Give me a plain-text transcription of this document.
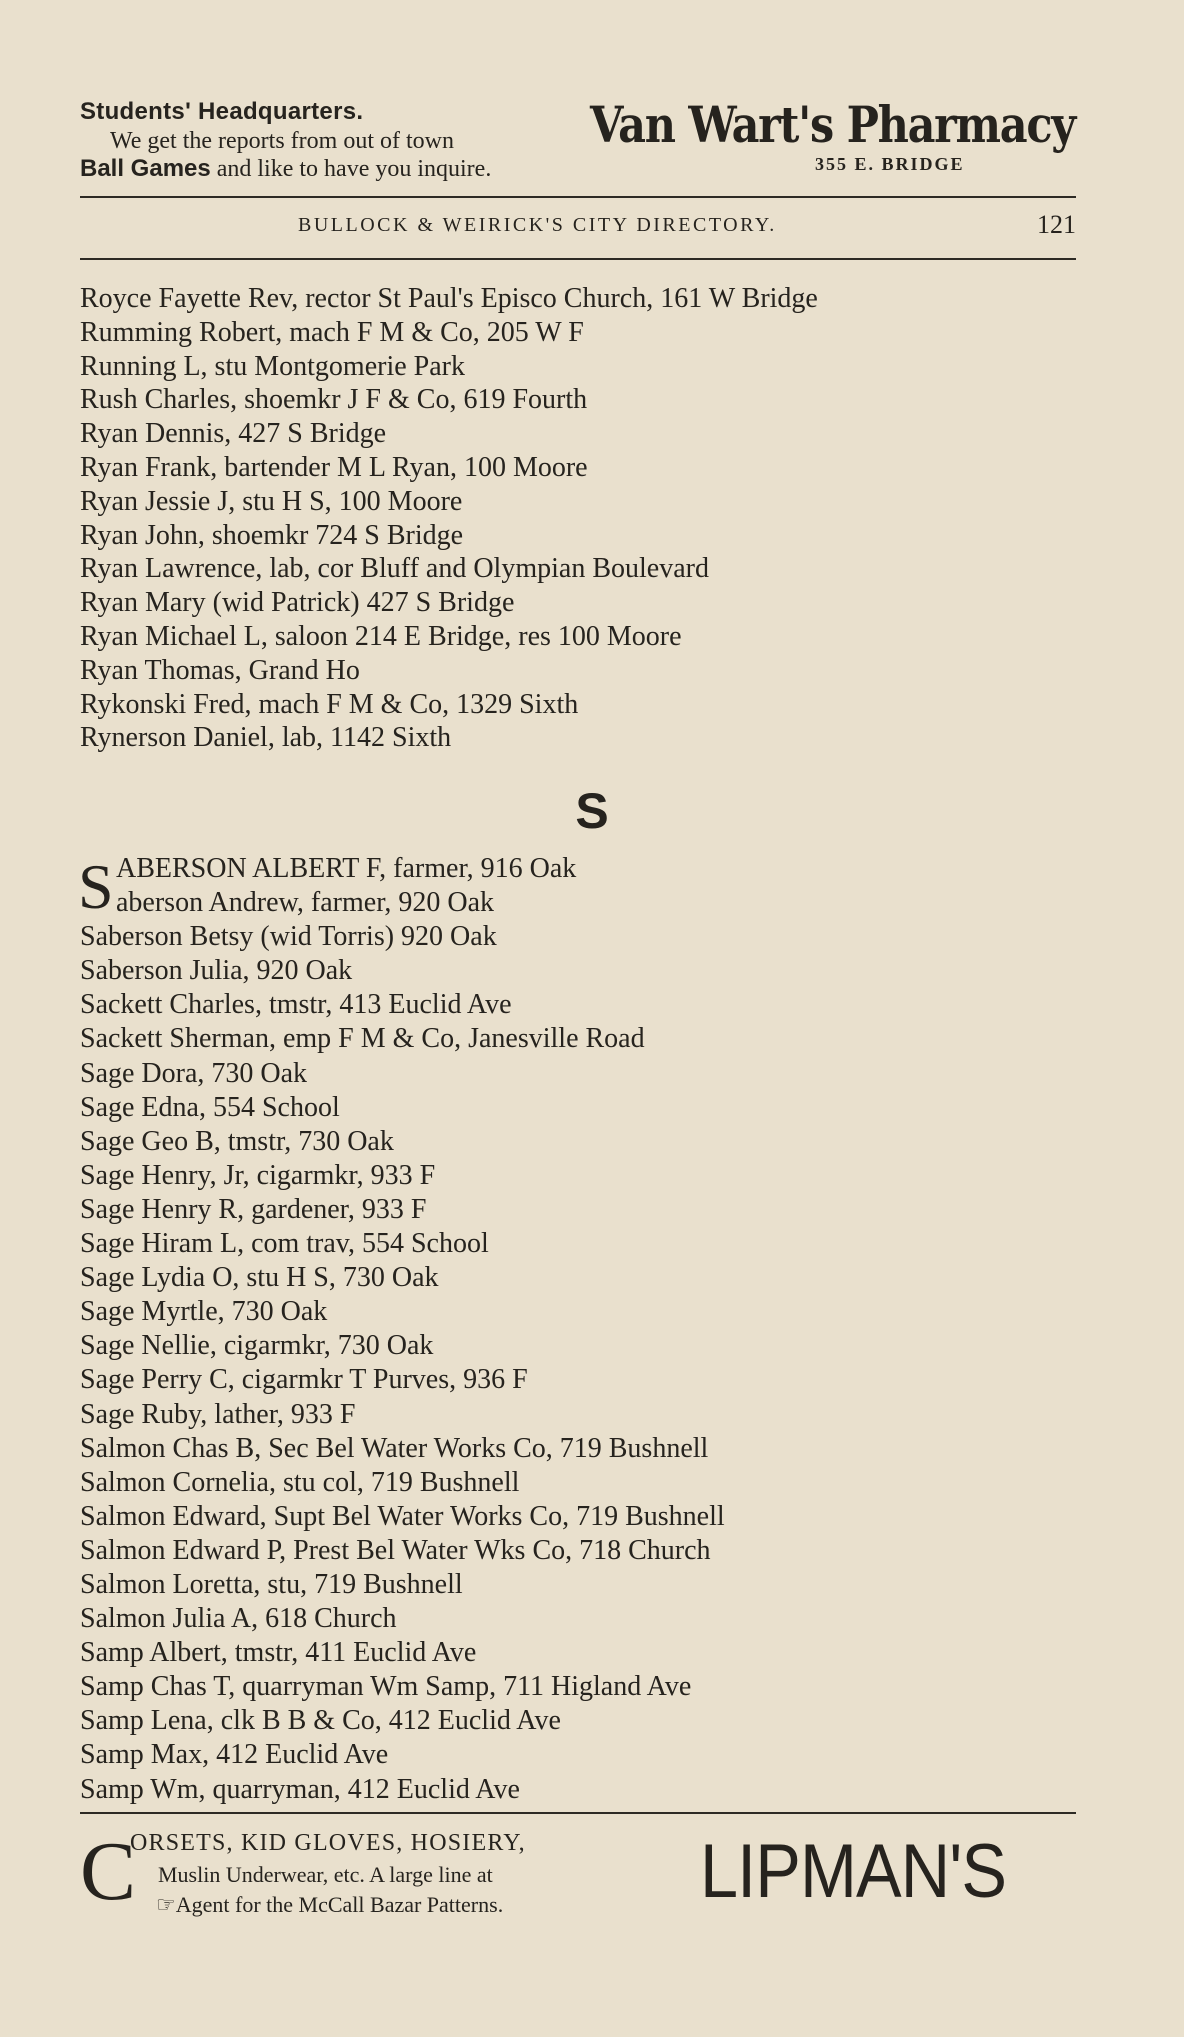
Students' Headquarters.
We get the reports from out of town
Ball Games and like to have you inquire.
Van Wart's Pharmacy
355 E. BRIDGE
BULLOCK & WEIRICK'S CITY DIRECTORY.	121
Royce Fayette Rev, rector St Paul's Episco Church, 161 W Bridge
Rumming Robert, mach F M & Co, 205 W F
Running L, stu Montgomerie Park
Rush Charles, shoemkr J F & Co, 619 Fourth
Ryan Dennis, 427 S Bridge
Ryan Frank, bartender M L Ryan, 100 Moore
Ryan Jessie J, stu H S, 100 Moore
Ryan John, shoemkr 724 S Bridge
Ryan Lawrence, lab, cor Bluff and Olympian Boulevard
Ryan Mary (wid Patrick) 427 S Bridge
Ryan Michael L, saloon 214 E Bridge, res 100 Moore
Ryan Thomas, Grand Ho
Rykonski Fred, mach F M & Co, 1329 Sixth
Rynerson Daniel, lab, 1142 Sixth
S
S ABERSON ALBERT F, farmer, 916 Oak
aberson Andrew, farmer, 920 Oak
Saberson Betsy (wid Torris) 920 Oak
Saberson Julia, 920 Oak
Sackett Charles, tmstr, 413 Euclid Ave
Sackett Sherman, emp F M & Co, Janesville Road
Sage Dora, 730 Oak
Sage Edna, 554 School
Sage Geo B, tmstr, 730 Oak
Sage Henry, Jr, cigarmkr, 933 F
Sage Henry R, gardener, 933 F
Sage Hiram L, com trav, 554 School
Sage Lydia O, stu H S, 730 Oak
Sage Myrtle, 730 Oak
Sage Nellie, cigarmkr, 730 Oak
Sage Perry C, cigarmkr T Purves, 936 F
Sage Ruby, lather, 933 F
Salmon Chas B, Sec Bel Water Works Co, 719 Bushnell
Salmon Cornelia, stu col, 719 Bushnell
Salmon Edward, Supt Bel Water Works Co, 719 Bushnell
Salmon Edward P, Prest Bel Water Wks Co, 718 Church
Salmon Loretta, stu, 719 Bushnell
Salmon Julia A, 618 Church
Samp Albert, tmstr, 411 Euclid Ave
Samp Chas T, quarryman Wm Samp, 711 Higland Ave
Samp Lena, clk B B & Co, 412 Euclid Ave
Samp Max, 412 Euclid Ave
Samp Wm, quarryman, 412 Euclid Ave
C
ORSETS, KID GLOVES, HOSIERY,
Muslin Underwear, etc. A large line at
☞Agent for the McCall Bazar Patterns.	LIPMAN'S
